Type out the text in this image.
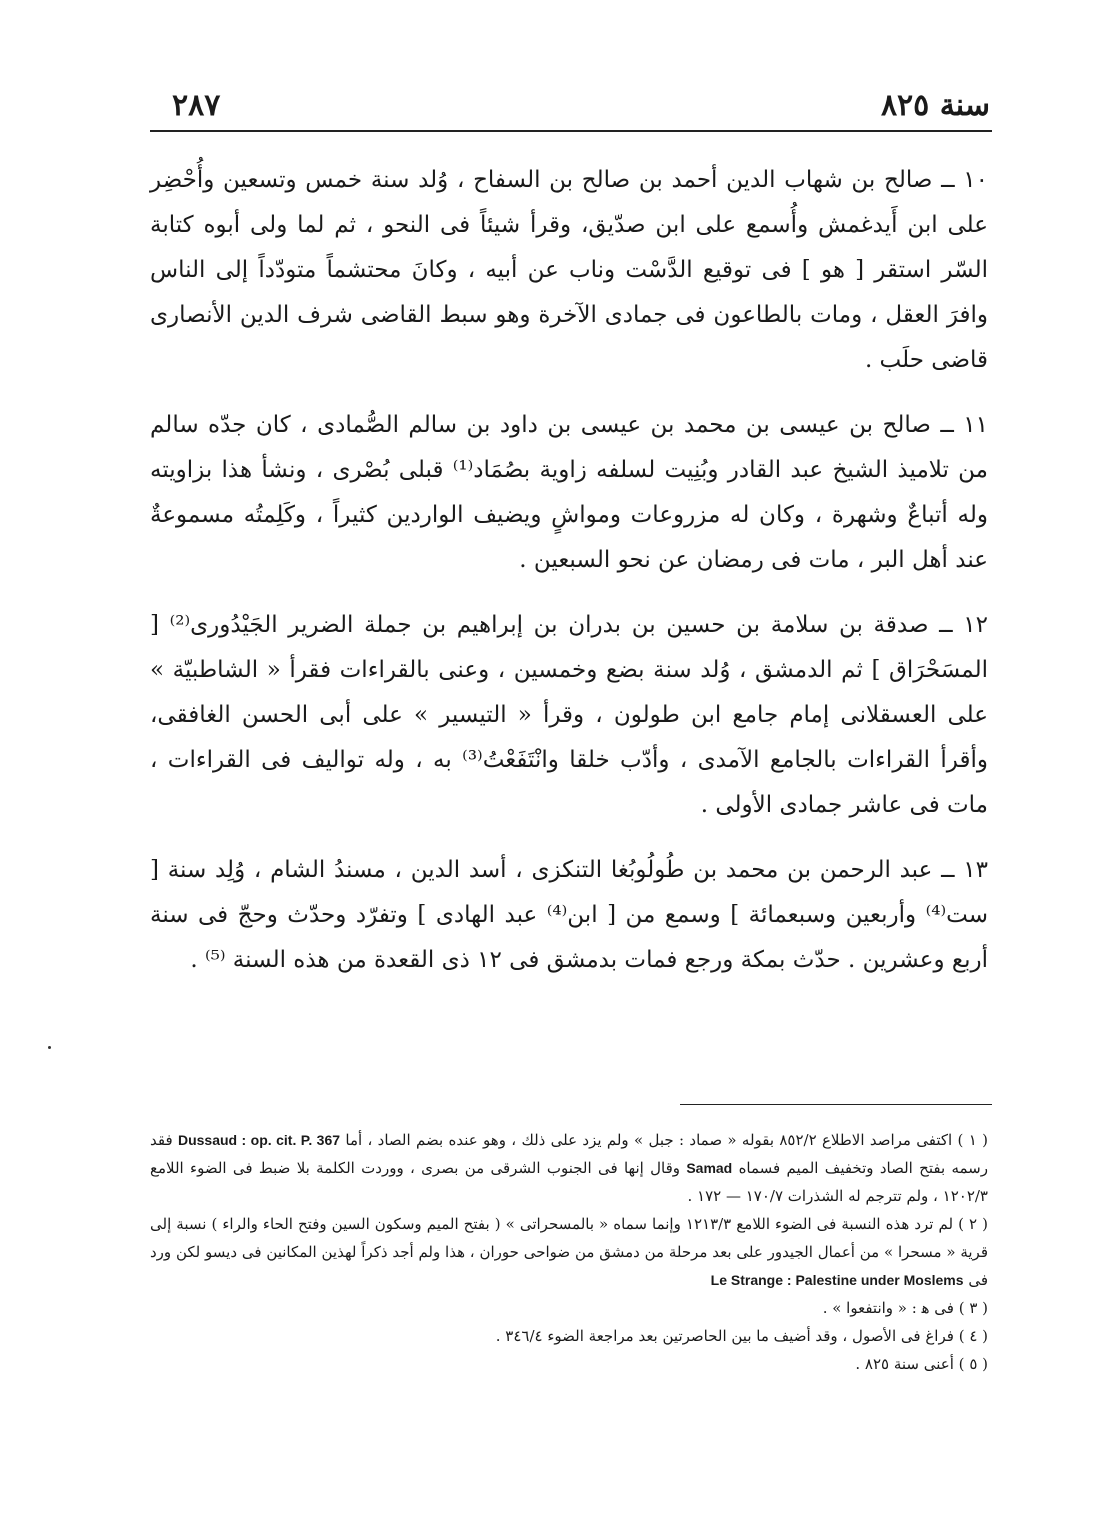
٢٨٧	سنة ٨٢٥

١٠ ــ صالح بن شهاب الدين أحمد بن صالح بن السفاح ، وُلد سنة خمس وتسعين وأُحْضِر على ابن أَيدغمش وأُسمع على ابن صدّيق، وقرأ شيئاً فى النحو ، ثم لما ولى أبوه كتابة السّر استقر [ هو ] فى توقيع الدَّسْت وناب عن أبيه ، وكانَ محتشماً متودّداً إلى الناس وافرَ العقل ، ومات بالطاعون فى جمادى الآخرة وهو سبط القاضى شرف الدين الأنصارى قاضى حلَب .

١١ ــ صالح بن عيسى بن محمد بن عيسى بن داود بن سالم الصُّمادى ، كان جدّه سالم من تلاميذ الشيخ عبد القادر وبُنِيت لسلفه زاوية بصُمَاد⁽¹⁾ قبلى بُصْرى ، ونشأ هذا بزاويته وله أتباعٌ وشهرة ، وكان له مزروعات ومواشٍ ويضيف الواردين كثيراً ، وكَلِمتُه مسموعةٌ عند أهل البر ، مات فى رمضان عن نحو السبعين .

١٢ ــ صدقة بن سلامة بن حسين بن بدران بن إبراهيم بن جملة الضرير الجَيْدُورى⁽²⁾ [ المسَحْرَاق ] ثم الدمشق ، وُلد سنة بضع وخمسين ، وعنى بالقراءات فقرأ « الشاطبيّة » على العسقلانى إمام جامع ابن طولون ، وقرأ « التيسير » على أبى الحسن الغافقى، وأقرأ القراءات بالجامع الآمدى ، وأدّب خلقا وانْتَفَعْتُ⁽³⁾ به ، وله تواليف فى القراءات ، مات فى عاشر جمادى الأولى .

١٣ ــ عبد الرحمن بن محمد بن طُولُوبُغا التنكزى ، أسد الدين ، مسندُ الشام ، وُلِد سنة [ ست⁽⁴⁾ وأربعين وسبعمائة ] وسمع من [ ابن⁽⁴⁾ عبد الهادى ] وتفرّد وحدّث وحجّ فى سنة أربع وعشرين . حدّث بمكة ورجع فمات بدمشق فى ١٢ ذى القعدة من هذه السنة ⁽⁵⁾ .

( ١ ) اكتفى مراصد الاطلاع ٨٥٢/٢ بقوله « صماد : جبل » ولم يزد على ذلك ، وهو عنده بضم الصاد ، أما Dussaud : op. cit. P. 367 فقد رسمه بفتح الصاد وتخفيف الميم فسماه Samad وقال إنها فى الجنوب الشرقى من بصرى ، ووردت الكلمة بلا ضبط فى الضوء اللامع ١٢٠٢/٣ ، ولم تترجم له الشذرات ١٧٠/٧ — ١٧٢ .

( ٢ ) لم ترد هذه النسبة فى الضوء اللامع ١٢١٣/٣ وإنما سماه « بالمسحراتى » ( بفتح الميم وسكون السين وفتح الحاء والراء ) نسبة إلى قرية « مسحرا » من أعمال الجيدور على بعد مرحلة من دمشق من ضواحى حوران ، هذا ولم أجد ذكراً لهذين المكانين فى ديسو لكن ورد فى Le Strange : Palestine under Moslems

( ٣ ) فى ﻫ : « وانتفعوا » .

( ٤ ) فراغ فى الأصول ، وقد أضيف ما بين الحاصرتين بعد مراجعة الضوء ٣٤٦/٤ .

( ٥ ) أعنى سنة ٨٢٥ .
